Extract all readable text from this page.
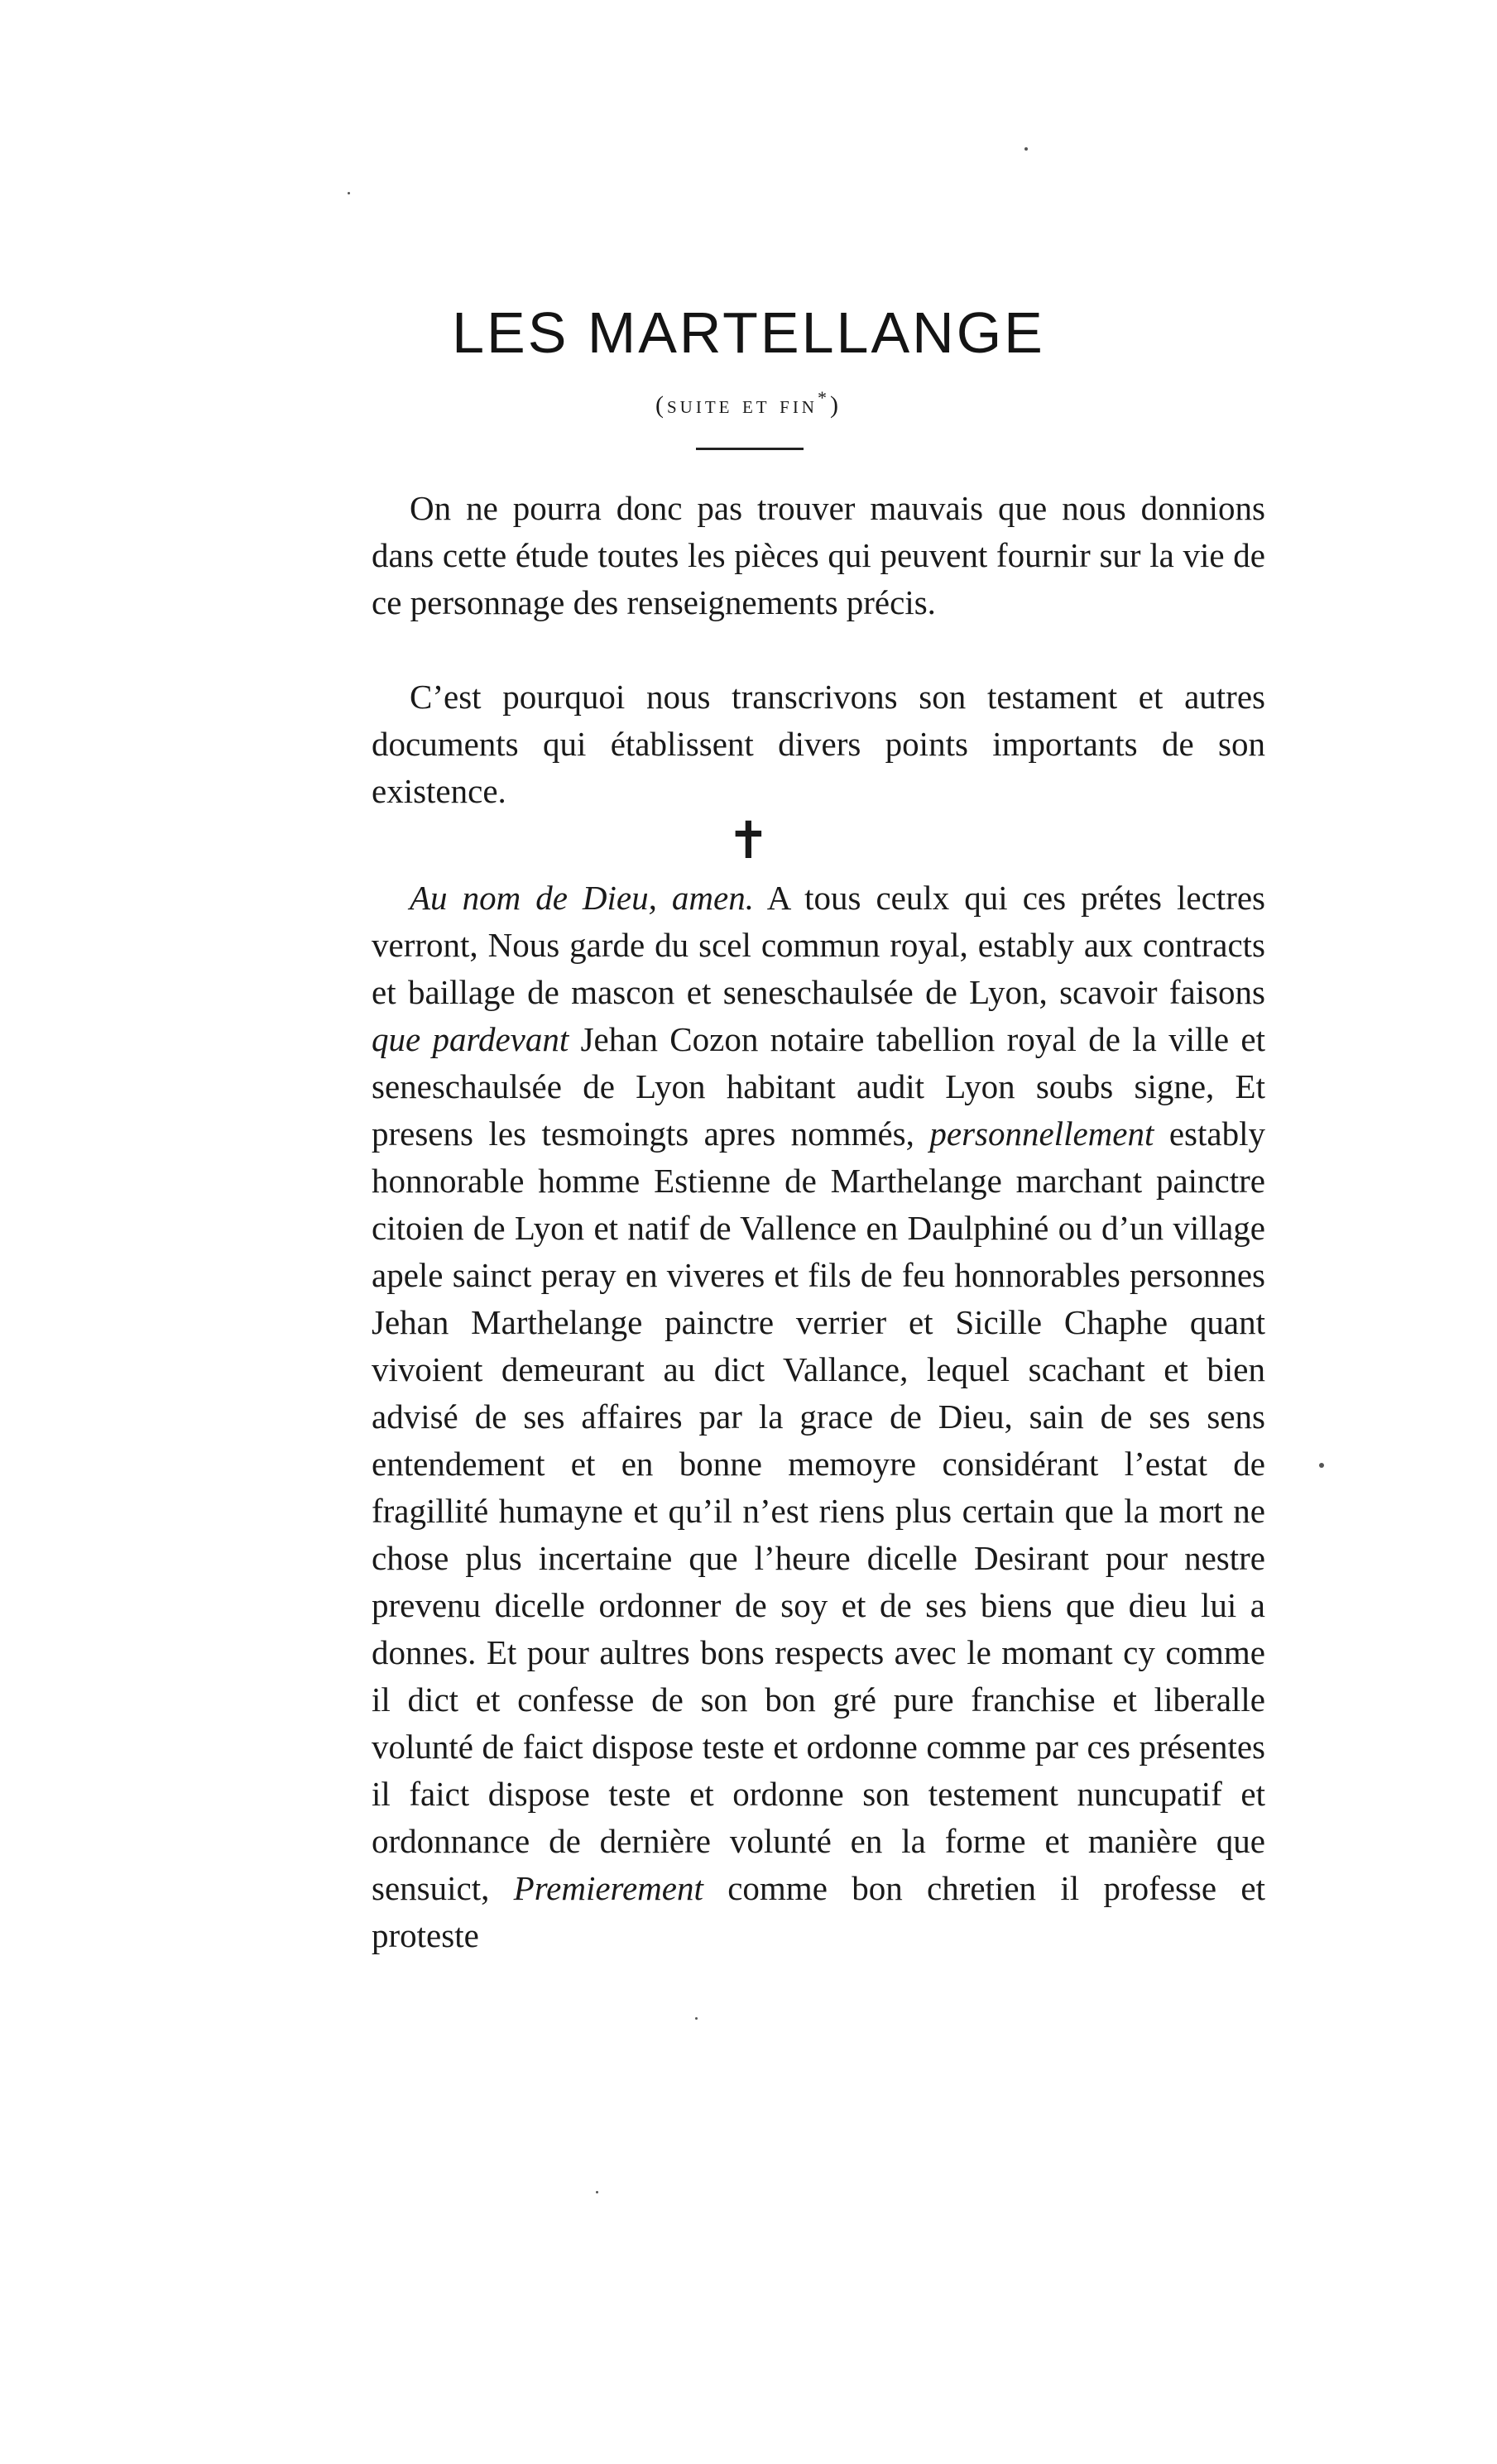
LES MARTELLANGE
(suite et fin*)

On ne pourra donc pas trouver mauvais que nous donnions dans cette étude toutes les pièces qui peuvent fournir sur la vie de ce personnage des renseignements précis.

C’est pourquoi nous transcrivons son testament et autres documents qui établissent divers points importants de son existence.

✝

Au nom de Dieu, amen. A tous ceulx qui ces prétes lectres verront, Nous garde du scel commun royal, estably aux contracts et baillage de mascon et seneschaulsée de Lyon, scavoir faisons que pardevant Jehan Cozon notaire tabellion royal de la ville et seneschaulsée de Lyon habitant audit Lyon soubs signe, Et presens les tesmoingts apres nommés, personnellement estably honnorable homme Estienne de Marthelange marchant painctre citoien de Lyon et natif de Vallence en Daulphiné ou d’un village apele sainct peray en viveres et fils de feu honnorables personnes Jehan Marthelange painctre verrier et Sicille Chaphe quant vivoient demeurant au dict Vallance, lequel scachant et bien advisé de ses affaires par la grace de Dieu, sain de ses sens entendement et en bonne memoyre considérant l’estat de fragillité humayne et qu’il n’est riens plus certain que la mort ne chose plus incertaine que l’heure dicelle Desirant pour nestre prevenu dicelle ordonner de soy et de ses biens que dieu lui a donnes. Et pour aultres bons respects avec le momant cy comme il dict et confesse de son bon gré pure franchise et liberalle volunté de faict dispose teste et ordonne comme par ces présentes il faict dispose teste et ordonne son testement nuncupatif et ordonnance de dernière volunté en la forme et manière que sensuict, Premierement comme bon chretien il professe et proteste
